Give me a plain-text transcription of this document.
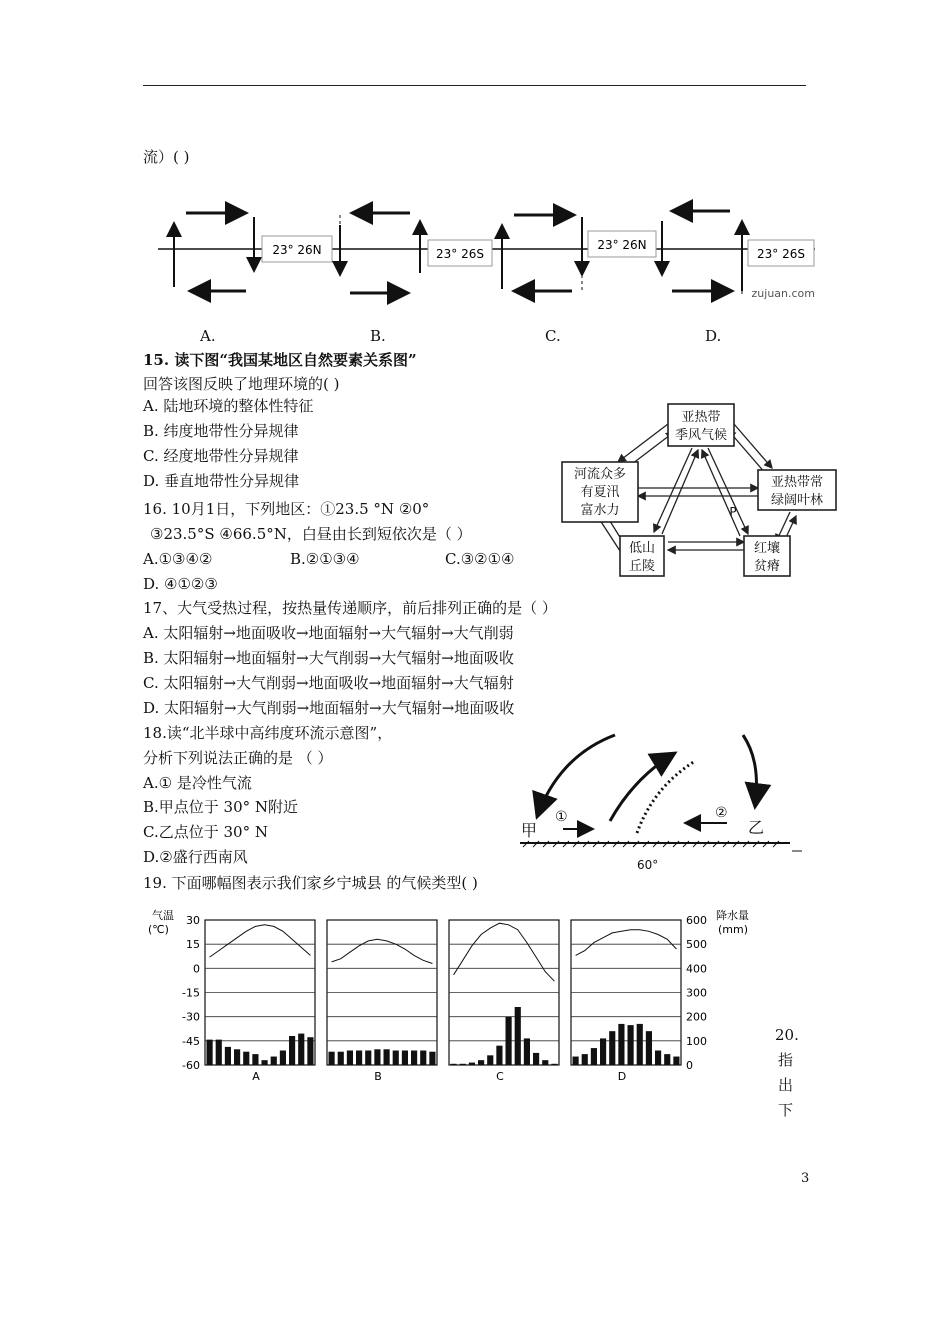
流）( )
23° 26N	23° 26S
23° 26N
23° 26S
zujuan.com
A.	B.	C.	D.
15. 读下图“我国某地区自然要素关系图”
回答该图反映了地理环境的( )
A. 陆地环境的整体性特征
B. 纬度地带性分异规律
C. 经度地带性分异规律
D. 垂直地带性分异规律
亚热带
季风气候
河流众多
有夏汛
富水力
亚热带常
绿阔叶林
低山
丘陵
红壤
贫瘠
P
16. 10月1日，下列地区：①23.5 °N ②0°
③23.5°S ④66.5°N，白昼由长到短依次是（ ）
A.①③④②	B.②①③④	C.③②①④
D. ④①②③
17、大气受热过程，按热量传递顺序，前后排列正确的是（ ）
A. 太阳辐射→地面吸收→地面辐射→大气辐射→大气削弱
B. 太阳辐射→地面辐射→大气削弱→大气辐射→地面吸收
C. 太阳辐射→大气削弱→地面吸收→地面辐射→大气辐射
D. 太阳辐射→大气削弱→地面辐射→大气辐射→地面吸收
18.读“北半球中高纬度环流示意图”，
分析下列说法正确的是 （ ）
A.① 是冷性气流
B.甲点位于 30° N附近
C.乙点位于 30° N
D.②盛行西南风
甲
①	②
乙
60°
19. 下面哪幅图表示我们家乡宁城县 的气候类型( )
气温
(℃)
降水量
(mm)
30
15
0
-15
-30
-45
-60
600
500
400
300
200
100
0
A	B	C	D
20.
指
出
下
3
